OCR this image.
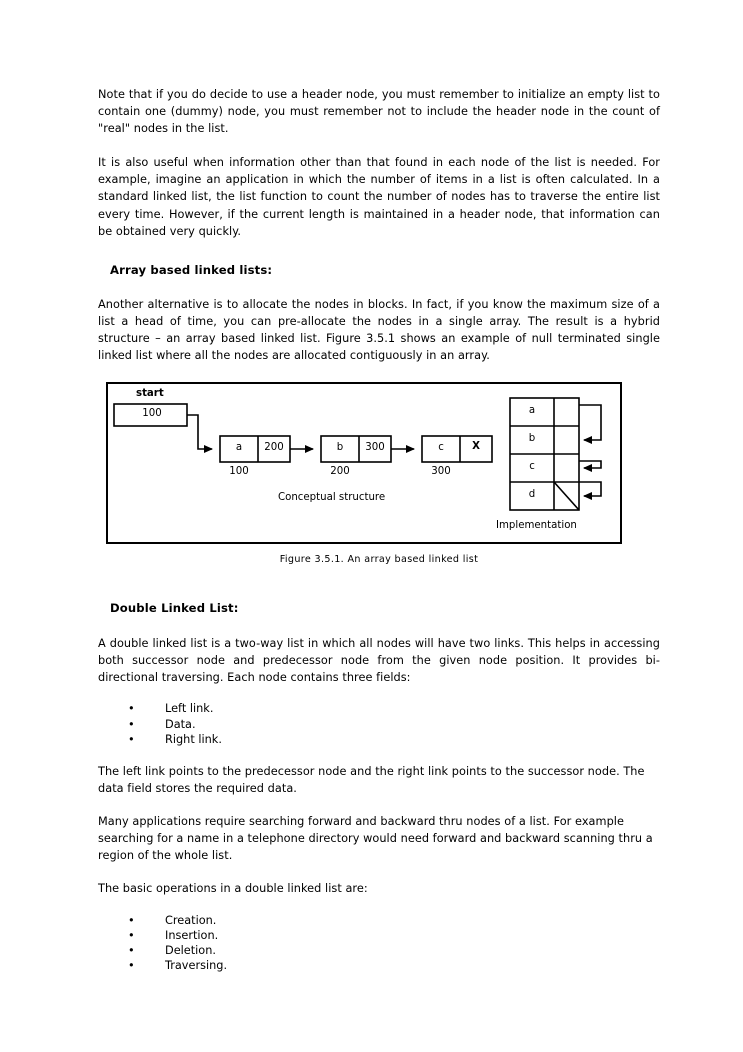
Note that if you do decide to use a header node, you must remember to initialize an empty list to contain one (dummy) node, you must remember not to include the header node in the count of "real" nodes in the list.

It is also useful when information other than that found in each node of the list is needed. For example, imagine an application in which the number of items in a list is often calculated. In a standard linked list, the list function to count the number of nodes has to traverse the entire list every time. However, if the current length is maintained in a header node, that information can be obtained very quickly.

Array based linked lists:

Another alternative is to allocate the nodes in blocks. In fact, if you know the maximum size of a list a head of time, you can pre-allocate the nodes in a single array. The result is a hybrid structure – an array based linked list. Figure 3.5.1 shows an example of null terminated single linked list where all the nodes are allocated contiguously in an array.

start
100
a	200
100
b	300
200
c	X
300
Conceptual structure
a
b
c
d
Implementation
Figure 3.5.1. An array based linked list
Double Linked List:

A double linked list is a two-way list in which all nodes will have two links. This helps in accessing both successor node and predecessor node from the given node position. It provides bi-directional traversing. Each node contains three fields:

•	Left link.
•	Data.
•	Right link.

The left link points to the predecessor node and the right link points to the successor node. The data field stores the required data.

Many applications require searching forward and backward thru nodes of a list. For example searching for a name in a telephone directory would need forward and backward scanning thru a region of the whole list.

The basic operations in a double linked list are:

•	Creation.
•	Insertion.
•	Deletion.
•	Traversing.
